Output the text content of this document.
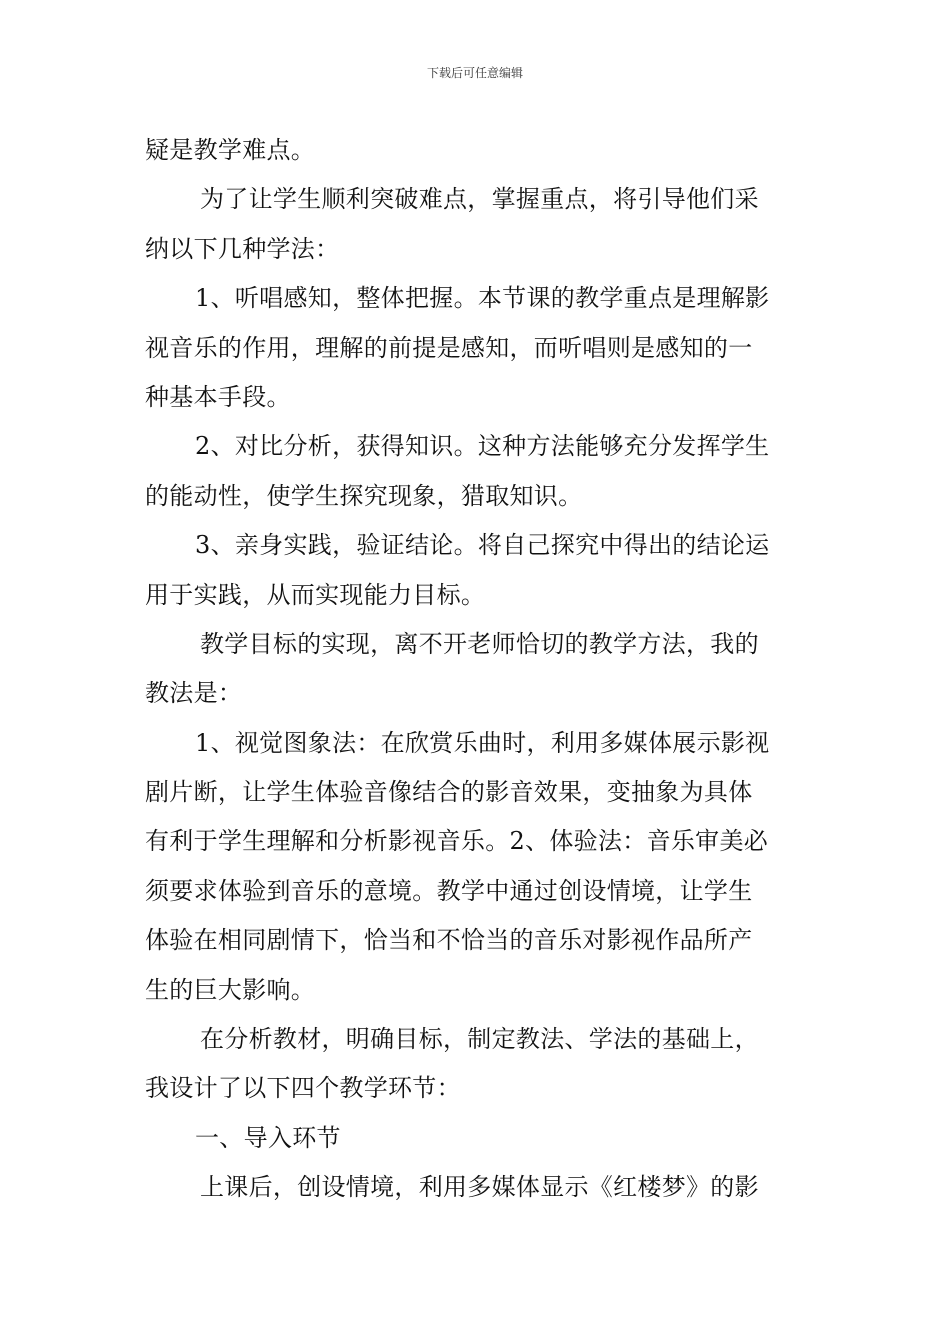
下载后可任意编辑
疑是教学难点。
为了让学生顺利突破难点，掌握重点，将引导他们采
纳以下几种学法：
1、听唱感知，整体把握。本节课的教学重点是理解影
视音乐的作用，理解的前提是感知，而听唱则是感知的一
种基本手段。
2、对比分析，获得知识。这种方法能够充分发挥学生
的能动性，使学生探究现象，猎取知识。
3、亲身实践，验证结论。将自己探究中得出的结论运
用于实践，从而实现能力目标。
教学目标的实现，离不开老师恰切的教学方法，我的
教法是：
1、视觉图象法：在欣赏乐曲时，利用多媒体展示影视
剧片断，让学生体验音像结合的影音效果，变抽象为具体
有利于学生理解和分析影视音乐。2、体验法：音乐审美必
须要求体验到音乐的意境。教学中通过创设情境，让学生
体验在相同剧情下，恰当和不恰当的音乐对影视作品所产
生的巨大影响。
在分析教材，明确目标，制定教法、学法的基础上，
我设计了以下四个教学环节：
一、导入环节
上课后，创设情境，利用多媒体显示《红楼梦》的影
